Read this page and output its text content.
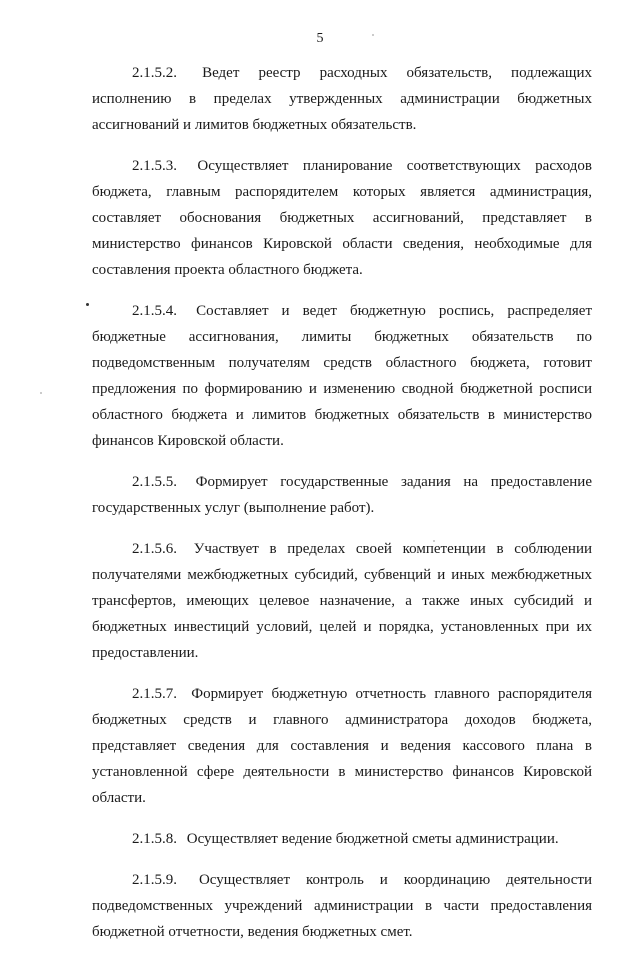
5

2.1.5.2. Ведет реестр расходных обязательств, подлежащих исполнению в пределах утвержденных администрации бюджетных ассигнований и лимитов бюджетных обязательств.

2.1.5.3. Осуществляет планирование соответствующих расходов бюджета, главным распорядителем которых является администрация, составляет обоснования бюджетных ассигнований, представляет в министерство финансов Кировской области сведения, необходимые для составления проекта областного бюджета.

2.1.5.4. Составляет и ведет бюджетную роспись, распределяет бюджетные ассигнования, лимиты бюджетных обязательств по подведомственным получателям средств областного бюджета, готовит предложения по формированию и изменению сводной бюджетной росписи областного бюджета и лимитов бюджетных обязательств в министерство финансов Кировской области.

2.1.5.5. Формирует государственные задания на предоставление государственных услуг (выполнение работ).

2.1.5.6. Участвует в пределах своей компетенции в соблюдении получателями межбюджетных субсидий, субвенций и иных межбюджетных трансфертов, имеющих целевое назначение, а также иных субсидий и бюджетных инвестиций условий, целей и порядка, установленных при их предоставлении.

2.1.5.7. Формирует бюджетную отчетность главного распорядителя бюджетных средств и главного администратора доходов бюджета, представляет сведения для составления и ведения кассового плана в установленной сфере деятельности в министерство финансов Кировской области.

2.1.5.8. Осуществляет ведение бюджетной сметы администрации.

2.1.5.9. Осуществляет контроль и координацию деятельности подведомственных учреждений администрации в части предоставления бюджетной отчетности, ведения бюджетных смет.
